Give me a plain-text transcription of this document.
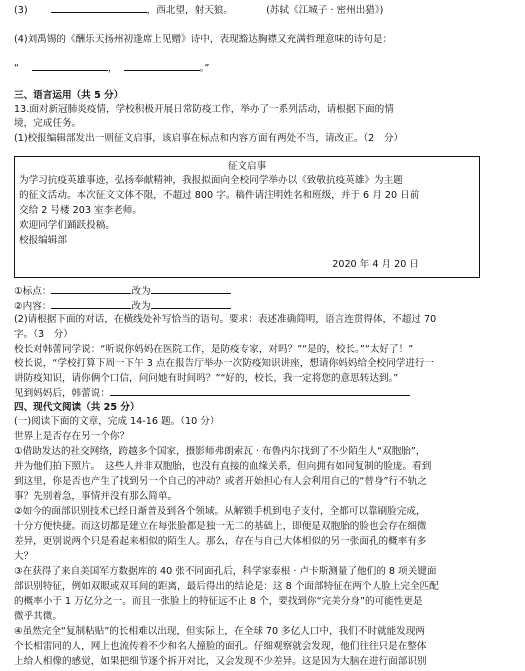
(3)	，西北望，射天狼。	(苏轼《江城子 · 密州出猎》)
(4)刘禹锡的《酬乐天扬州初逢席上见赠》诗中，表现豁达胸襟又充满哲理意味的诗句是：
“	，	。”
三、语言运用（共 5 分）
13.面对新冠肺炎疫情，学校积极开展日常防疫工作，举办了一系列活动，请根据下面的情
境，完成任务。
(1)校报编辑部发出一则征文启事，该启事在标点和内容方面有两处不当，请改正。（2　分）
征文启事
为学习抗疫英雄事迹，弘扬奉献精神，我报拟面向全校同学举办以《致敬抗疫英雄》为主题
的征文活动。本次征文文体不限，不超过 800 字。稿件请注明姓名和班级，并于 6 月 20 日前
交给 2 号楼 203 室李老师。
欢迎同学们踊跃投稿。
校报编辑部
2020 年 4 月 20 日
①标点：	改为
②内容：	改为
(2)请根据下面的对话，在横线处补写恰当的语句。要求：表述准确简明，语言连贯得体，不超过 70
字。（3　分）
校长对韩蕾同学说：“听说你妈妈在医院工作，是防疫专家，对吗？”“是的，校长。”“太好了！”
校长说，“学校打算下周一下午 3 点在报告厅举办一次防疫知识讲座，想请你妈妈给全校同学进行一
讲防疫知识，请你俩个口信，问问她有时间吗？”“好的，校长，我一定将您的意思转达到。”
见到妈妈后，韩蕾说：
四、现代文阅读（共 25 分）
(一)阅读下面的文章，完成 14-16 题。（10 分）
世界上是否存在另一个你？
①借助发达的社交网络，跨越多个国家，摄影师弗朗索瓦 · 布鲁内尔找到了不少陌生人“双胞胎”，
并为他们拍下照片。　这些人并非双胞胎，也没有直接的血缘关系，但向拥有如同复制的脸庞。看到
到这里，你是否也产生了找到另一个自己的冲动？或者开始担心有人会利用自己的“替身”行不轨之
事？先别着急，事情并没有那么简单。
②如今的面部识别技术已经日渐普及到各个领域。从解锁手机到电子支付，全都可以靠刷脸完成，
十分方便快捷。而这切都是建立在每张脸都是独一无二的基础上，即便是双胞胎的脸也会存在细微
差异，更别说两个只是看起来相似的陌生人。那么，存在与自己大体相似的另一张面孔的概率有多
大？
③在获得了来自美国军方数据库的 40 张不同面孔后，科学家泰根 · 卢卡斯测量了他们的 8 项关键面
部识别特征，例如双眼或双耳间的距离，最后得出的结论是：这 8 个面部特征在两个人脸上完全匹配
的概率小于 1 万亿分之一。而且一张脸上的特征远不止 8 个，要找到你“完美分身”的可能性更是
微乎其微。
④虽然完全“复制粘贴”的长相难以出现，但实际上，在全球 70 多亿人口中，我们不时就能发现两
个长相雷同的人，网上也流传着不少和名人撞脸的面孔。仔细观察就会发现，他们往往只是在整体
上给人相像的感觉，如果把细节逐个拆开对比，又会发现不少差异。这是因为大脑在进行面部识别
